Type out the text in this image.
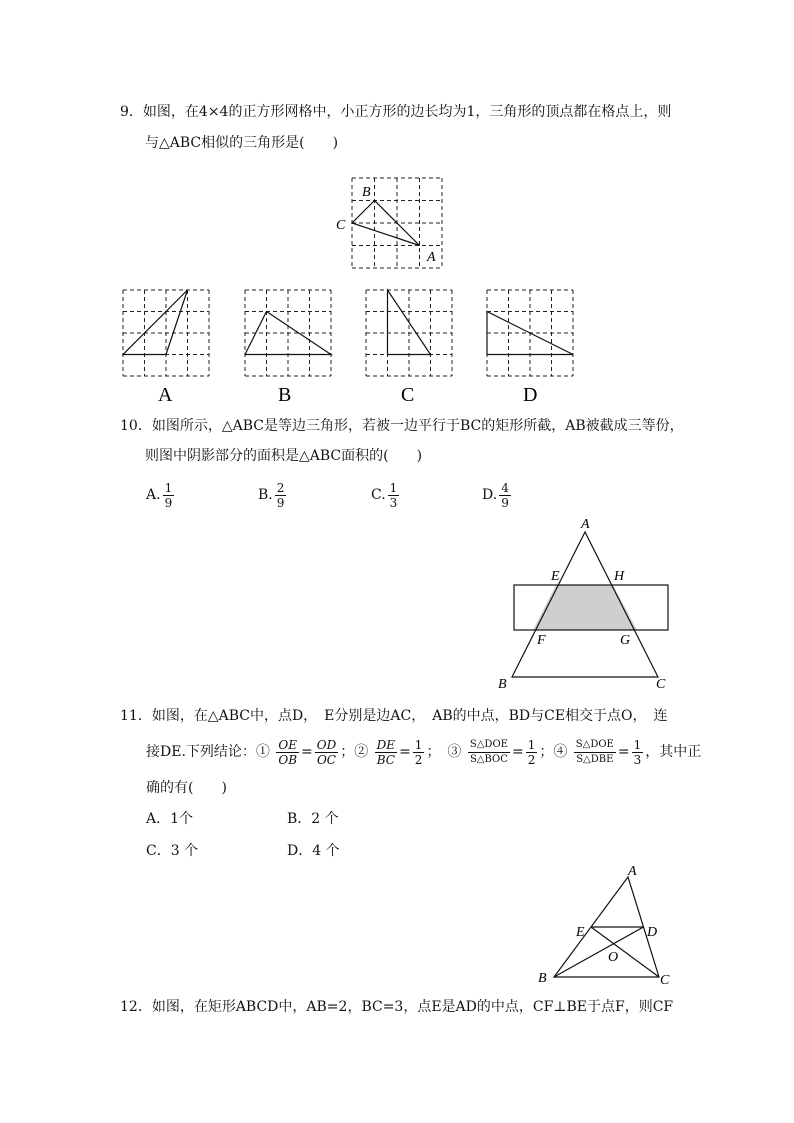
9．如图，在4×4的正方形网格中，小正方形的边长均为1，三角形的顶点都在格点上，则
与△ABC相似的三角形是(　　)
B
C
A
A	B	C	D
10．如图所示，△ABC是等边三角形，若被一边平行于BC的矩形所截，AB被截成三等份，
则图中阴影部分的面积是△ABC面积的(　　)
A. $\frac{1}{9}$	B. $\frac{2}{9}$	C. $\frac{1}{3}$	D. $\frac{4}{9}$
A
E	H
F	G
B	C
11．如图，在△ABC中，点D，　E分别是边AC，　AB的中点，BD与CE相交于点O，　连
接DE.下列结论：① $\frac{OE}{OB} = \frac{OD}{OC}$ ；② $\frac{DE}{BC} = \frac{1}{2}$ ；　③ $\frac{\text{S△DOE}}{\text{S△BOC}} = \frac{1}{2}$ ；④ $\frac{\text{S△DOE}}{\text{S△DBE}} = \frac{1}{3}$ ，其中正
确的有(　　)
A．1个	B．2 个
C．3 个	D．4 个
A
E	D
O
B	C
12．如图，在矩形ABCD中，AB=2，BC=3，点E是AD的中点，CF⊥BE于点F，则CF
